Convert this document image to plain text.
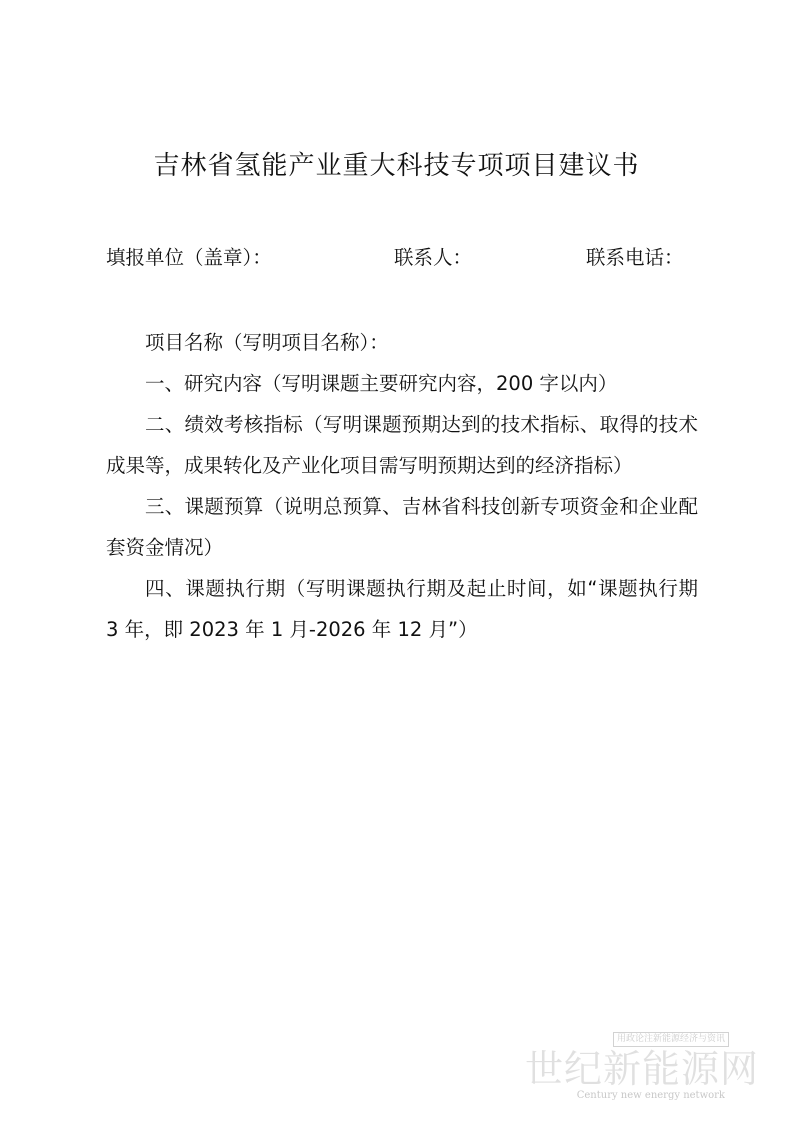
吉林省氢能产业重大科技专项项目建议书
填报单位（盖章）：	联系人：	联系电话：

项目名称（写明项目名称）：

一、研究内容（写明课题主要研究内容，200 字以内）

二、绩效考核指标（写明课题预期达到的技术指标、取得的技术成果等，成果转化及产业化项目需写明预期达到的经济指标）

三、课题预算（说明总预算、吉林省科技创新专项资金和企业配套资金情况）

四、课题执行期（写明课题执行期及起止时间，如“课题执行期 3 年，即 2023 年 1 月-2026 年 12 月”）

用政论注新能源经济与资讯
世纪新能源网
Century new energy network
